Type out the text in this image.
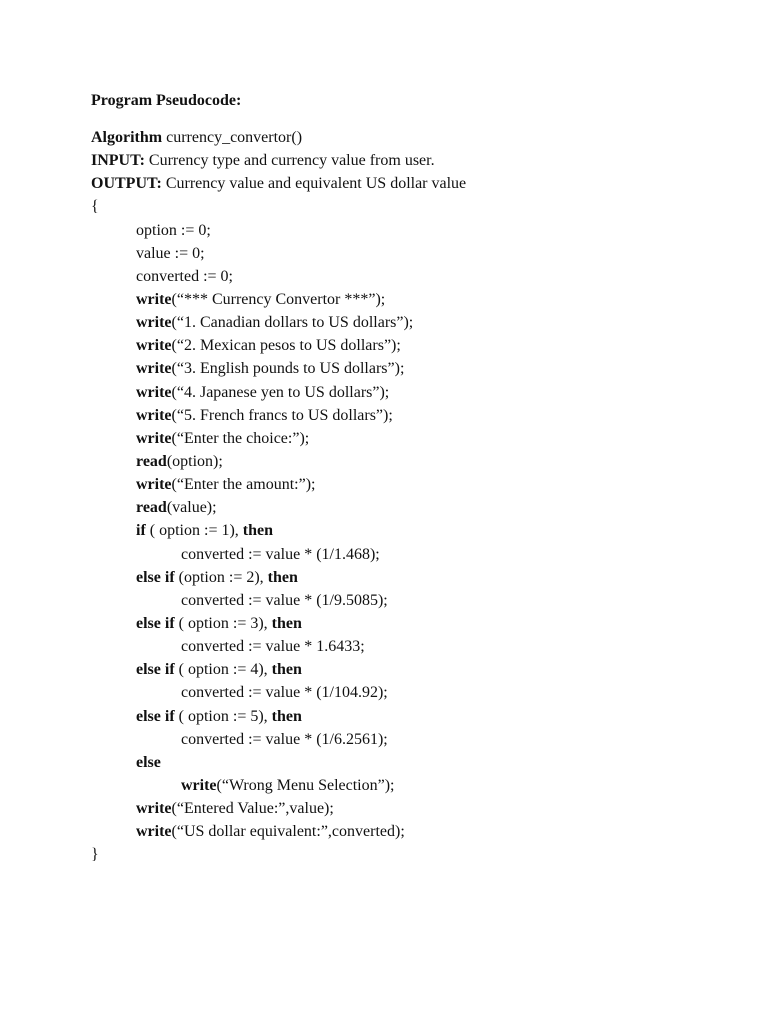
Program Pseudocode:
Algorithm currency_convertor()
INPUT: Currency type and currency value from user.
OUTPUT: Currency value and equivalent US dollar value
{
option := 0;
value := 0;
converted := 0;
write(“*** Currency Convertor ***”);
write(“1. Canadian dollars to US dollars”);
write(“2. Mexican pesos to US dollars”);
write(“3. English pounds to US dollars”);
write(“4. Japanese yen to US dollars”);
write(“5. French francs to US dollars”);
write(“Enter the choice:”);
read(option);
write(“Enter the amount:”);
read(value);
if ( option := 1), then
converted := value * (1/1.468);
else if (option := 2), then
converted := value * (1/9.5085);
else if ( option := 3), then
converted := value * 1.6433;
else if ( option := 4), then
converted := value * (1/104.92);
else if ( option := 5), then
converted := value * (1/6.2561);
else
write(“Wrong Menu Selection”);
write(“Entered Value:”,value);
write(“US dollar equivalent:”,converted);
}
